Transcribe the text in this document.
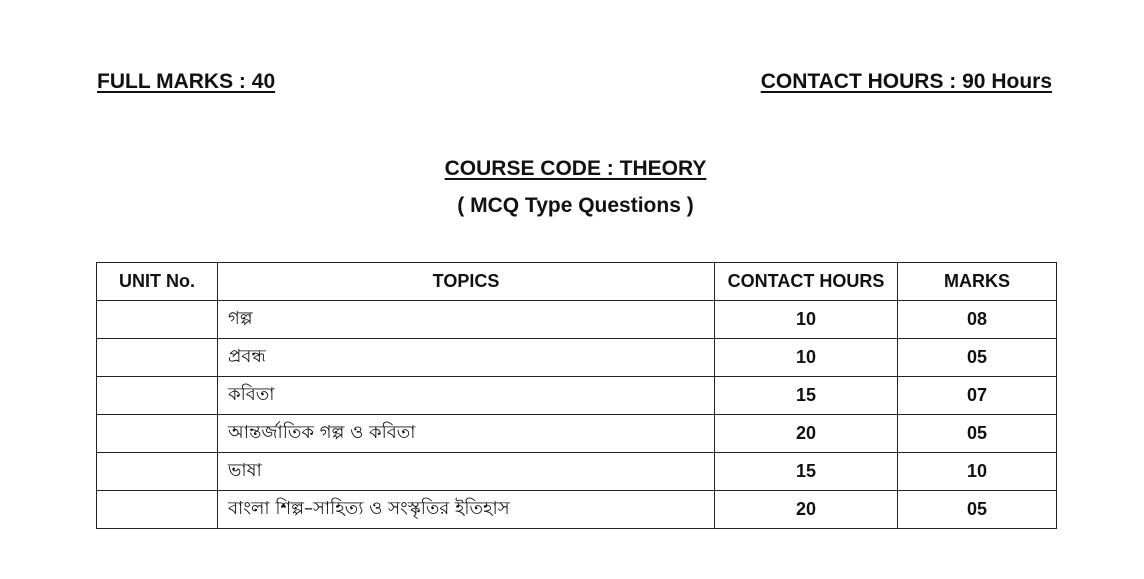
FULL MARKS : 40	CONTACT HOURS : 90 Hours
COURSE CODE : THEORY
( MCQ Type Questions )
UNIT No.	TOPICS	CONTACT HOURS	MARKS
	গল্প	10	08
	প্রবন্ধ	10	05
	কবিতা	15	07
	আন্তর্জাতিক গল্প ও কবিতা	20	05
	ভাষা	15	10
	বাংলা শিল্প–সাহিত্য ও সংস্কৃতির ইতিহাস	20	05
